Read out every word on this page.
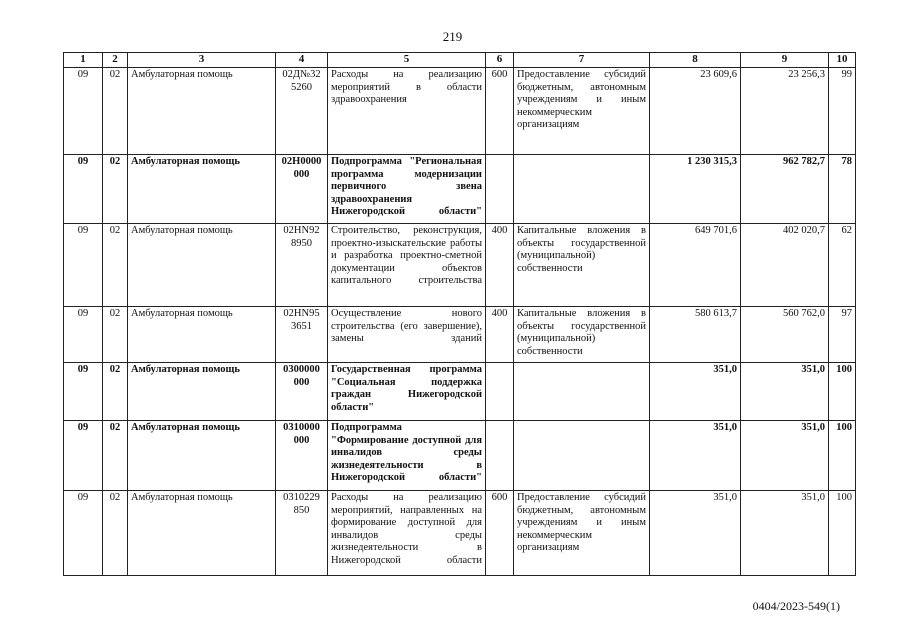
219
1	2	3	4	5	6	7	8	9	10
09	02	Амбулаторная помощь	02Д№32 5260	Расходы на реализацию мероприятий в области здравоохранения	600	Предоставление субсидий бюджетным, автономным учреждениям и иным некоммерческим организациям	23 609,6	23 256,3	99
09	02	Амбулаторная помощь	02Н0000 000	Подпрограмма "Региональная программа модернизации первичного звена здравоохранения Нижегородской области"			1 230 315,3	962 782,7	78
09	02	Амбулаторная помощь	02НN92 8950	Строительство, реконструкция, проектно-изыскательские работы и разработка проектно-сметной документации объектов капитального строительства	400	Капитальные вложения в объекты государственной (муниципальной) собственности	649 701,6	402 020,7	62
09	02	Амбулаторная помощь	02НN95 3651	Осуществление нового строительства (его завершение), замены зданий	400	Капитальные вложения в объекты государственной (муниципальной) собственности	580 613,7	560 762,0	97
09	02	Амбулаторная помощь	0300000 000	Государственная программа "Социальная поддержка граждан Нижегородской области"			351,0	351,0	100
09	02	Амбулаторная помощь	0310000 000	Подпрограмма "Формирование доступной для инвалидов среды жизнедеятельности в Нижегородской области"			351,0	351,0	100
09	02	Амбулаторная помощь	0310229 850	Расходы на реализацию мероприятий, направленных на формирование доступной для инвалидов среды жизнедеятельности в Нижегородской области	600	Предоставление субсидий бюджетным, автономным учреждениям и иным некоммерческим организациям	351,0	351,0	100
0404/2023-549(1)
